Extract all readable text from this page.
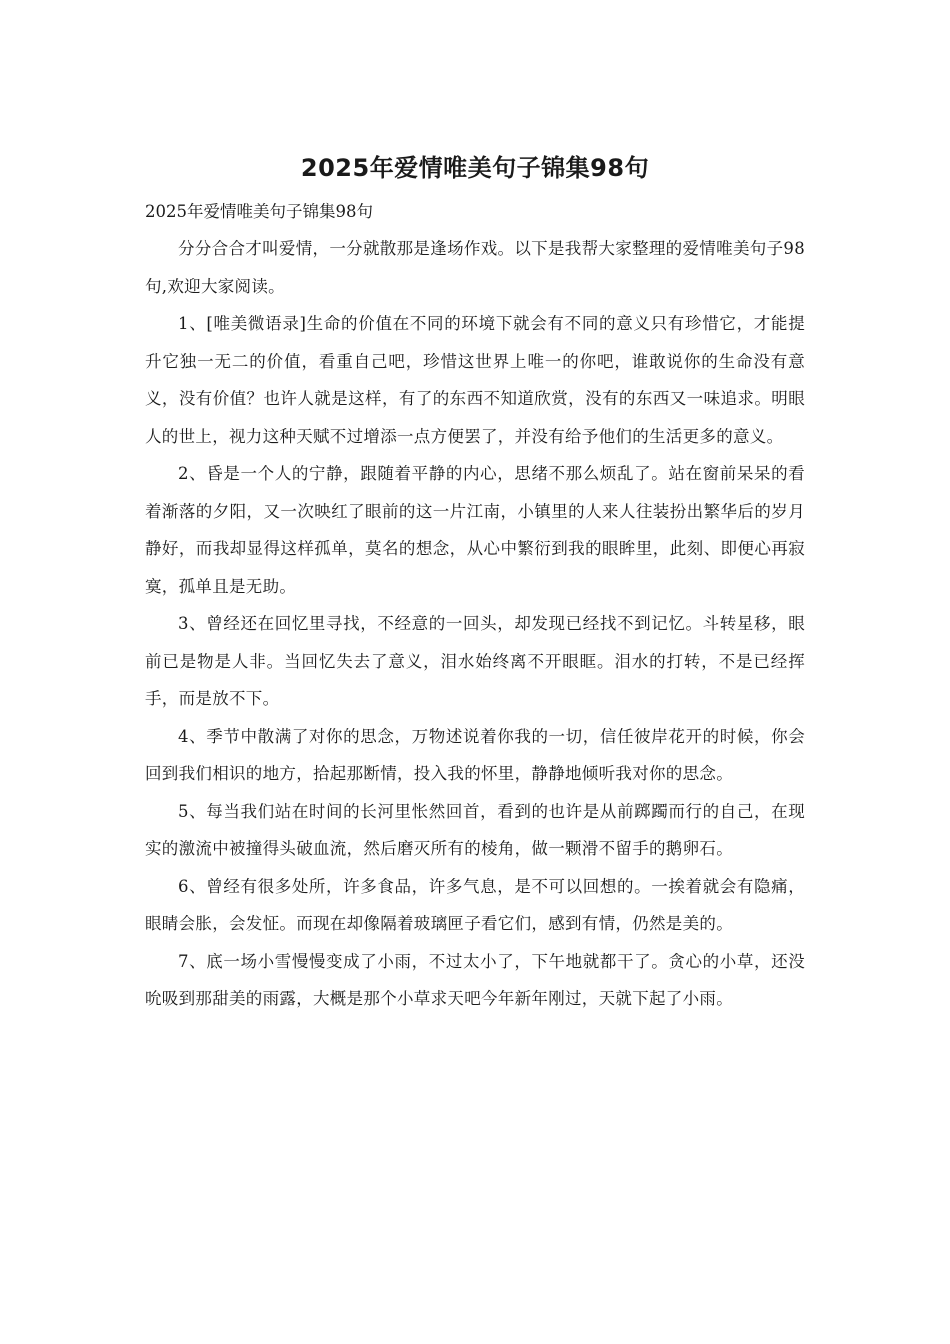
2025年爱情唯美句子锦集98句

2025年爱情唯美句子锦集98句

分分合合才叫爱情，一分就散那是逢场作戏。以下是我帮大家整理的爱情唯美句子98句,欢迎大家阅读。

1、[唯美微语录]生命的价值在不同的环境下就会有不同的意义只有珍惜它，才能提升它独一无二的价值，看重自己吧，珍惜这世界上唯一的你吧，谁敢说你的生命没有意义，没有价值？也许人就是这样，有了的东西不知道欣赏，没有的东西又一味追求。明眼人的世上，视力这种天赋不过增添一点方便罢了，并没有给予他们的生活更多的意义。

2、昏是一个人的宁静，跟随着平静的内心，思绪不那么烦乱了。站在窗前呆呆的看着渐落的夕阳，又一次映红了眼前的这一片江南，小镇里的人来人往装扮出繁华后的岁月静好，而我却显得这样孤单，莫名的想念，从心中繁衍到我的眼眸里，此刻、即便心再寂寞，孤单且是无助。

3、曾经还在回忆里寻找，不经意的一回头，却发现已经找不到记忆。斗转星移，眼前已是物是人非。当回忆失去了意义，泪水始终离不开眼眶。泪水的打转，不是已经挥手，而是放不下。

4、季节中散满了对你的思念，万物述说着你我的一切，信任彼岸花开的时候，你会回到我们相识的地方，拾起那断情，投入我的怀里，静静地倾听我对你的思念。

5、每当我们站在时间的长河里怅然回首，看到的也许是从前踯躅而行的自己，在现实的激流中被撞得头破血流，然后磨灭所有的棱角，做一颗滑不留手的鹅卵石。

6、曾经有很多处所，许多食品，许多气息，是不可以回想的。一挨着就会有隐痛，眼睛会胀，会发怔。而现在却像隔着玻璃匣子看它们，感到有情，仍然是美的。

7、底一场小雪慢慢变成了小雨，不过太小了，下午地就都干了。贪心的小草，还没吮吸到那甜美的雨露，大概是那个小草求天吧今年新年刚过，天就下起了小雨。
